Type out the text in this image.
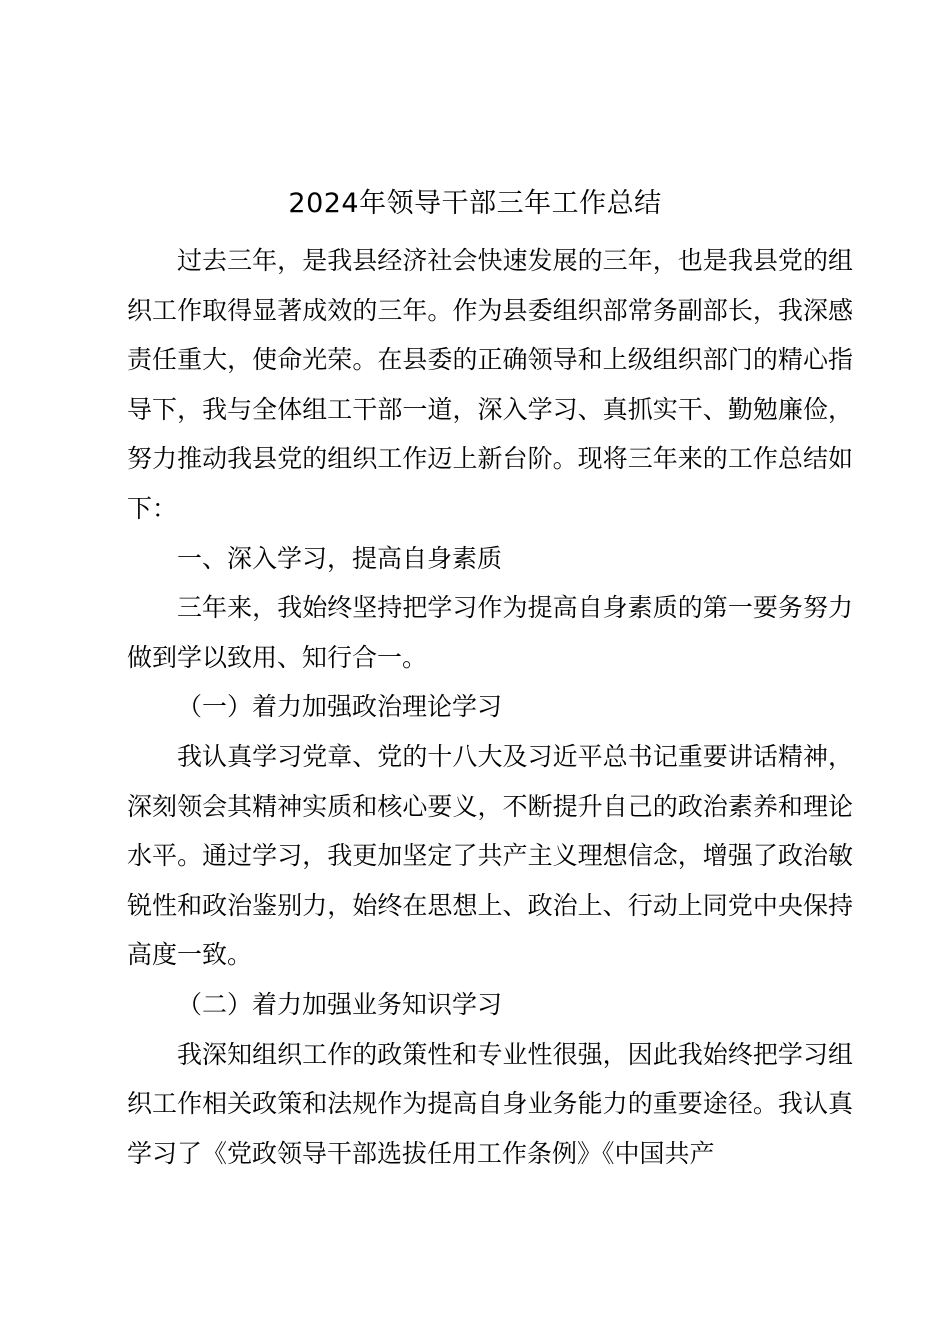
2024年领导干部三年工作总结

过去三年，是我县经济社会快速发展的三年，也是我县党的组织工作取得显著成效的三年。作为县委组织部常务副部长，我深感责任重大，使命光荣。在县委的正确领导和上级组织部门的精心指导下，我与全体组工干部一道，深入学习、真抓实干、勤勉廉俭，努力推动我县党的组织工作迈上新台阶。现将三年来的工作总结如下：

一、深入学习，提高自身素质

三年来，我始终坚持把学习作为提高自身素质的第一要务努力做到学以致用、知行合一。

（一）着力加强政治理论学习

我认真学习党章、党的十八大及习近平总书记重要讲话精神，深刻领会其精神实质和核心要义，不断提升自己的政治素养和理论水平。通过学习，我更加坚定了共产主义理想信念，增强了政治敏锐性和政治鉴别力，始终在思想上、政治上、行动上同党中央保持高度一致。

（二）着力加强业务知识学习

我深知组织工作的政策性和专业性很强，因此我始终把学习组织工作相关政策和法规作为提高自身业务能力的重要途径。我认真学习了《党政领导干部选拔任用工作条例》《中国共产
